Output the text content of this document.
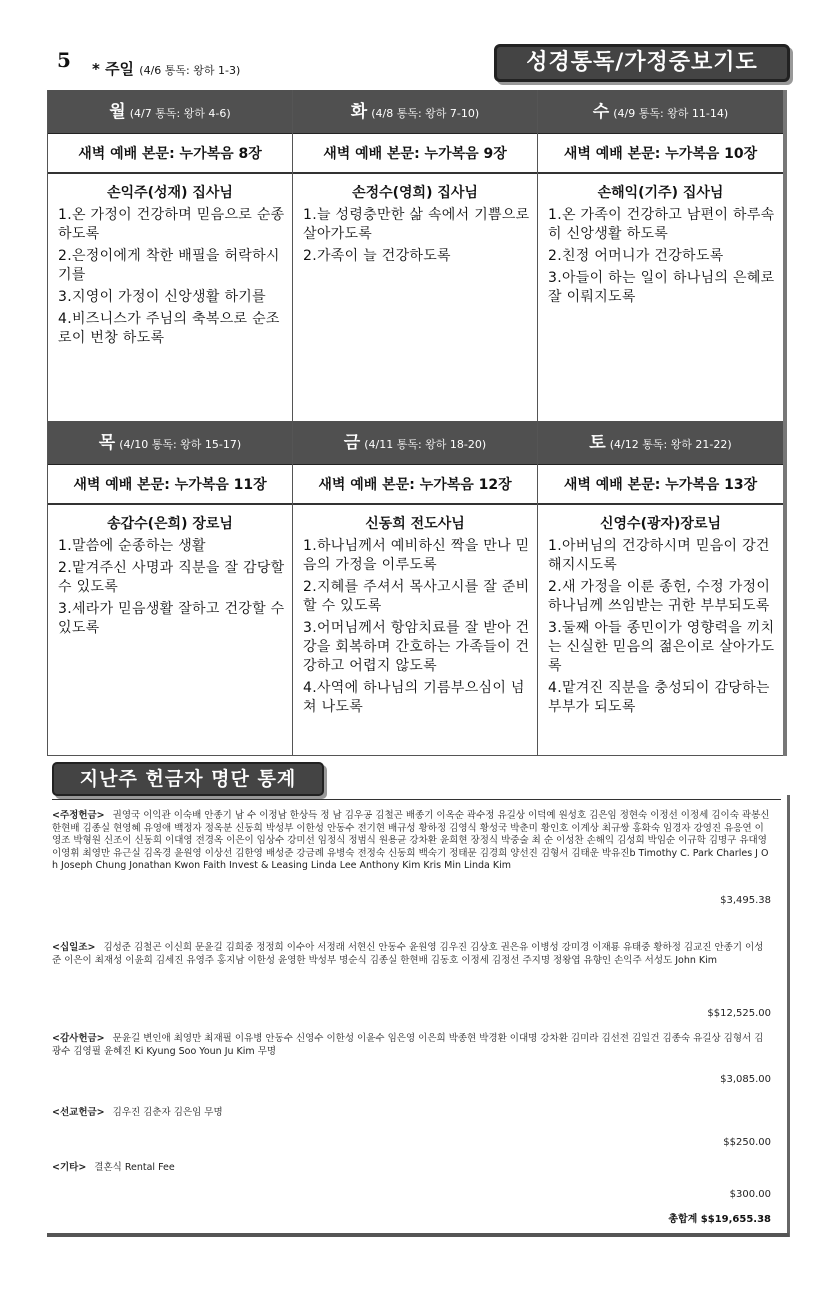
5 * 주일 (4/6 통독: 왕하 1-3)	성경통독/가정중보기도
월 (4/7 통독: 왕하 4-6)
새벽 예배 본문: 누가복음 8장
손익주(성재) 집사님
1.온 가정이 건강하며 믿음으로 순종하도록
2.은정이에게 착한 배필을 허락하시기를
3.지영이 가정이 신앙생활 하기를
4.비즈니스가 주님의 축복으로 순조로이 번창 하도록
화 (4/8 통독: 왕하 7-10)
새벽 예배 본문: 누가복음 9장
손정수(영희) 집사님
1.늘 성령충만한 삶 속에서 기쁨으로 살아가도록
2.가족이 늘 건강하도록
수 (4/9 통독: 왕하 11-14)
새벽 예배 본문: 누가복음 10장
손해익(기주) 집사님
1.온 가족이 건강하고 남편이 하루속히 신앙생활 하도록
2.친정 어머니가 건강하도록
3.아들이 하는 일이 하나님의 은혜로 잘 이뤄지도록
목 (4/10 통독: 왕하 15-17)
새벽 예배 본문: 누가복음 11장
송갑수(은희) 장로님
1.말씀에 순종하는 생활
2.맡겨주신 사명과 직분을 잘 감당할 수 있도록
3.세라가 믿음생활 잘하고 건강할 수 있도록
금 (4/11 통독: 왕하 18-20)
새벽 예배 본문: 누가복음 12장
신동희 전도사님
1.하나님께서 예비하신 짝을 만나 믿음의 가정을 이루도록
2.지혜를 주셔서 목사고시를 잘 준비할 수 있도록
3.어머님께서 항암치료를 잘 받아 건강을 회복하며 간호하는 가족들이 건강하고 어렵지 않도록
4.사역에 하나님의 기름부으심이 넘쳐 나도록
토 (4/12 통독: 왕하 21-22)
새벽 예배 본문: 누가복음 13장
신영수(광자)장로님
1.아버님의 건강하시며 믿음이 강건해지시도록
2.새 가정을 이룬 종헌, 수정 가정이 하나님께 쓰임받는 귀한 부부되도록
3.둘째 아들 종민이가 영향력을 끼치는 신실한 믿음의 젊은이로 살아가도록
4.맡겨진 직분을 충성되이 감당하는 부부가 되도록
지난주 헌금자 명단 통계
<주정헌금> 권영국 이익관 이숙배 안종기 남 수 이정남 한상득 정 남 김우공 김철곤 배종기 이옥순 곽수정 유길상 이덕예 원성호 김은임 정현숙 이정선 이정세 김이숙 곽봉신 한현배 김종실 현영혜 유영애 백정자 정옥분 신동희 박성부 이한성 안동수 전기현 배규성 황하정 김영식 황성국 박춘미 황인호 이계상 최규쌍 홍화숙 임경자 강영진 유응연 이영조 박형원 신조이 신동희 이대영 전경옥 이은이 임상수 강미선 임정식 정범식 원용균 강차환 윤희현 장정식 박중술 최 순 이성찬 손해익 김성희 박임순 이규학 김명구 유대영 이영휘 최영만 유근실 김옥경 윤원영 이상선 김한영 배성준 강금례 유병숙 전정숙 신동희 백숙기 정태문 김경희 양선진 김형서 김태운 박유진b Timothy C. Park Charles J Oh Joseph Chung Jonathan Kwon Faith Invest & Leasing Linda Lee Anthony Kim Kris Min Linda Kim
$3,495.38
<십일조> 김성준 김철곤 이신희 문윤길 김희중 정정희 이수아 서정래 서현신 안동수 윤원영 김우진 김상호 권은유 이병성 강미경 이재룡 유태중 황하정 김교진 안종기 이성준 이은이 최재성 이윤희 김세진 유영주 홍지남 이한성 윤영한 박성부 명순식 김종실 한현배 김동호 이정세 김정선 주지명 정왕엽 유향인 손익주 서성도 John Kim
$$12,525.00
<감사헌금> 문윤길 변인애 최영만 최재필 이유병 안동수 신영수 이한성 이윤수 임은영 이은희 박종현 박경환 이대명 강차환 김미라 김선전 김일건 김종숙 유길상 김형서 김광수 김영필 윤혜진 Ki Kyung Soo Youn Ju Kim 무명
$3,085.00
<선교헌금> 김우진 김춘자 김은임 무명
$$250.00
<기타> 결혼식 Rental Fee
$300.00
총합계 $$19,655.38
